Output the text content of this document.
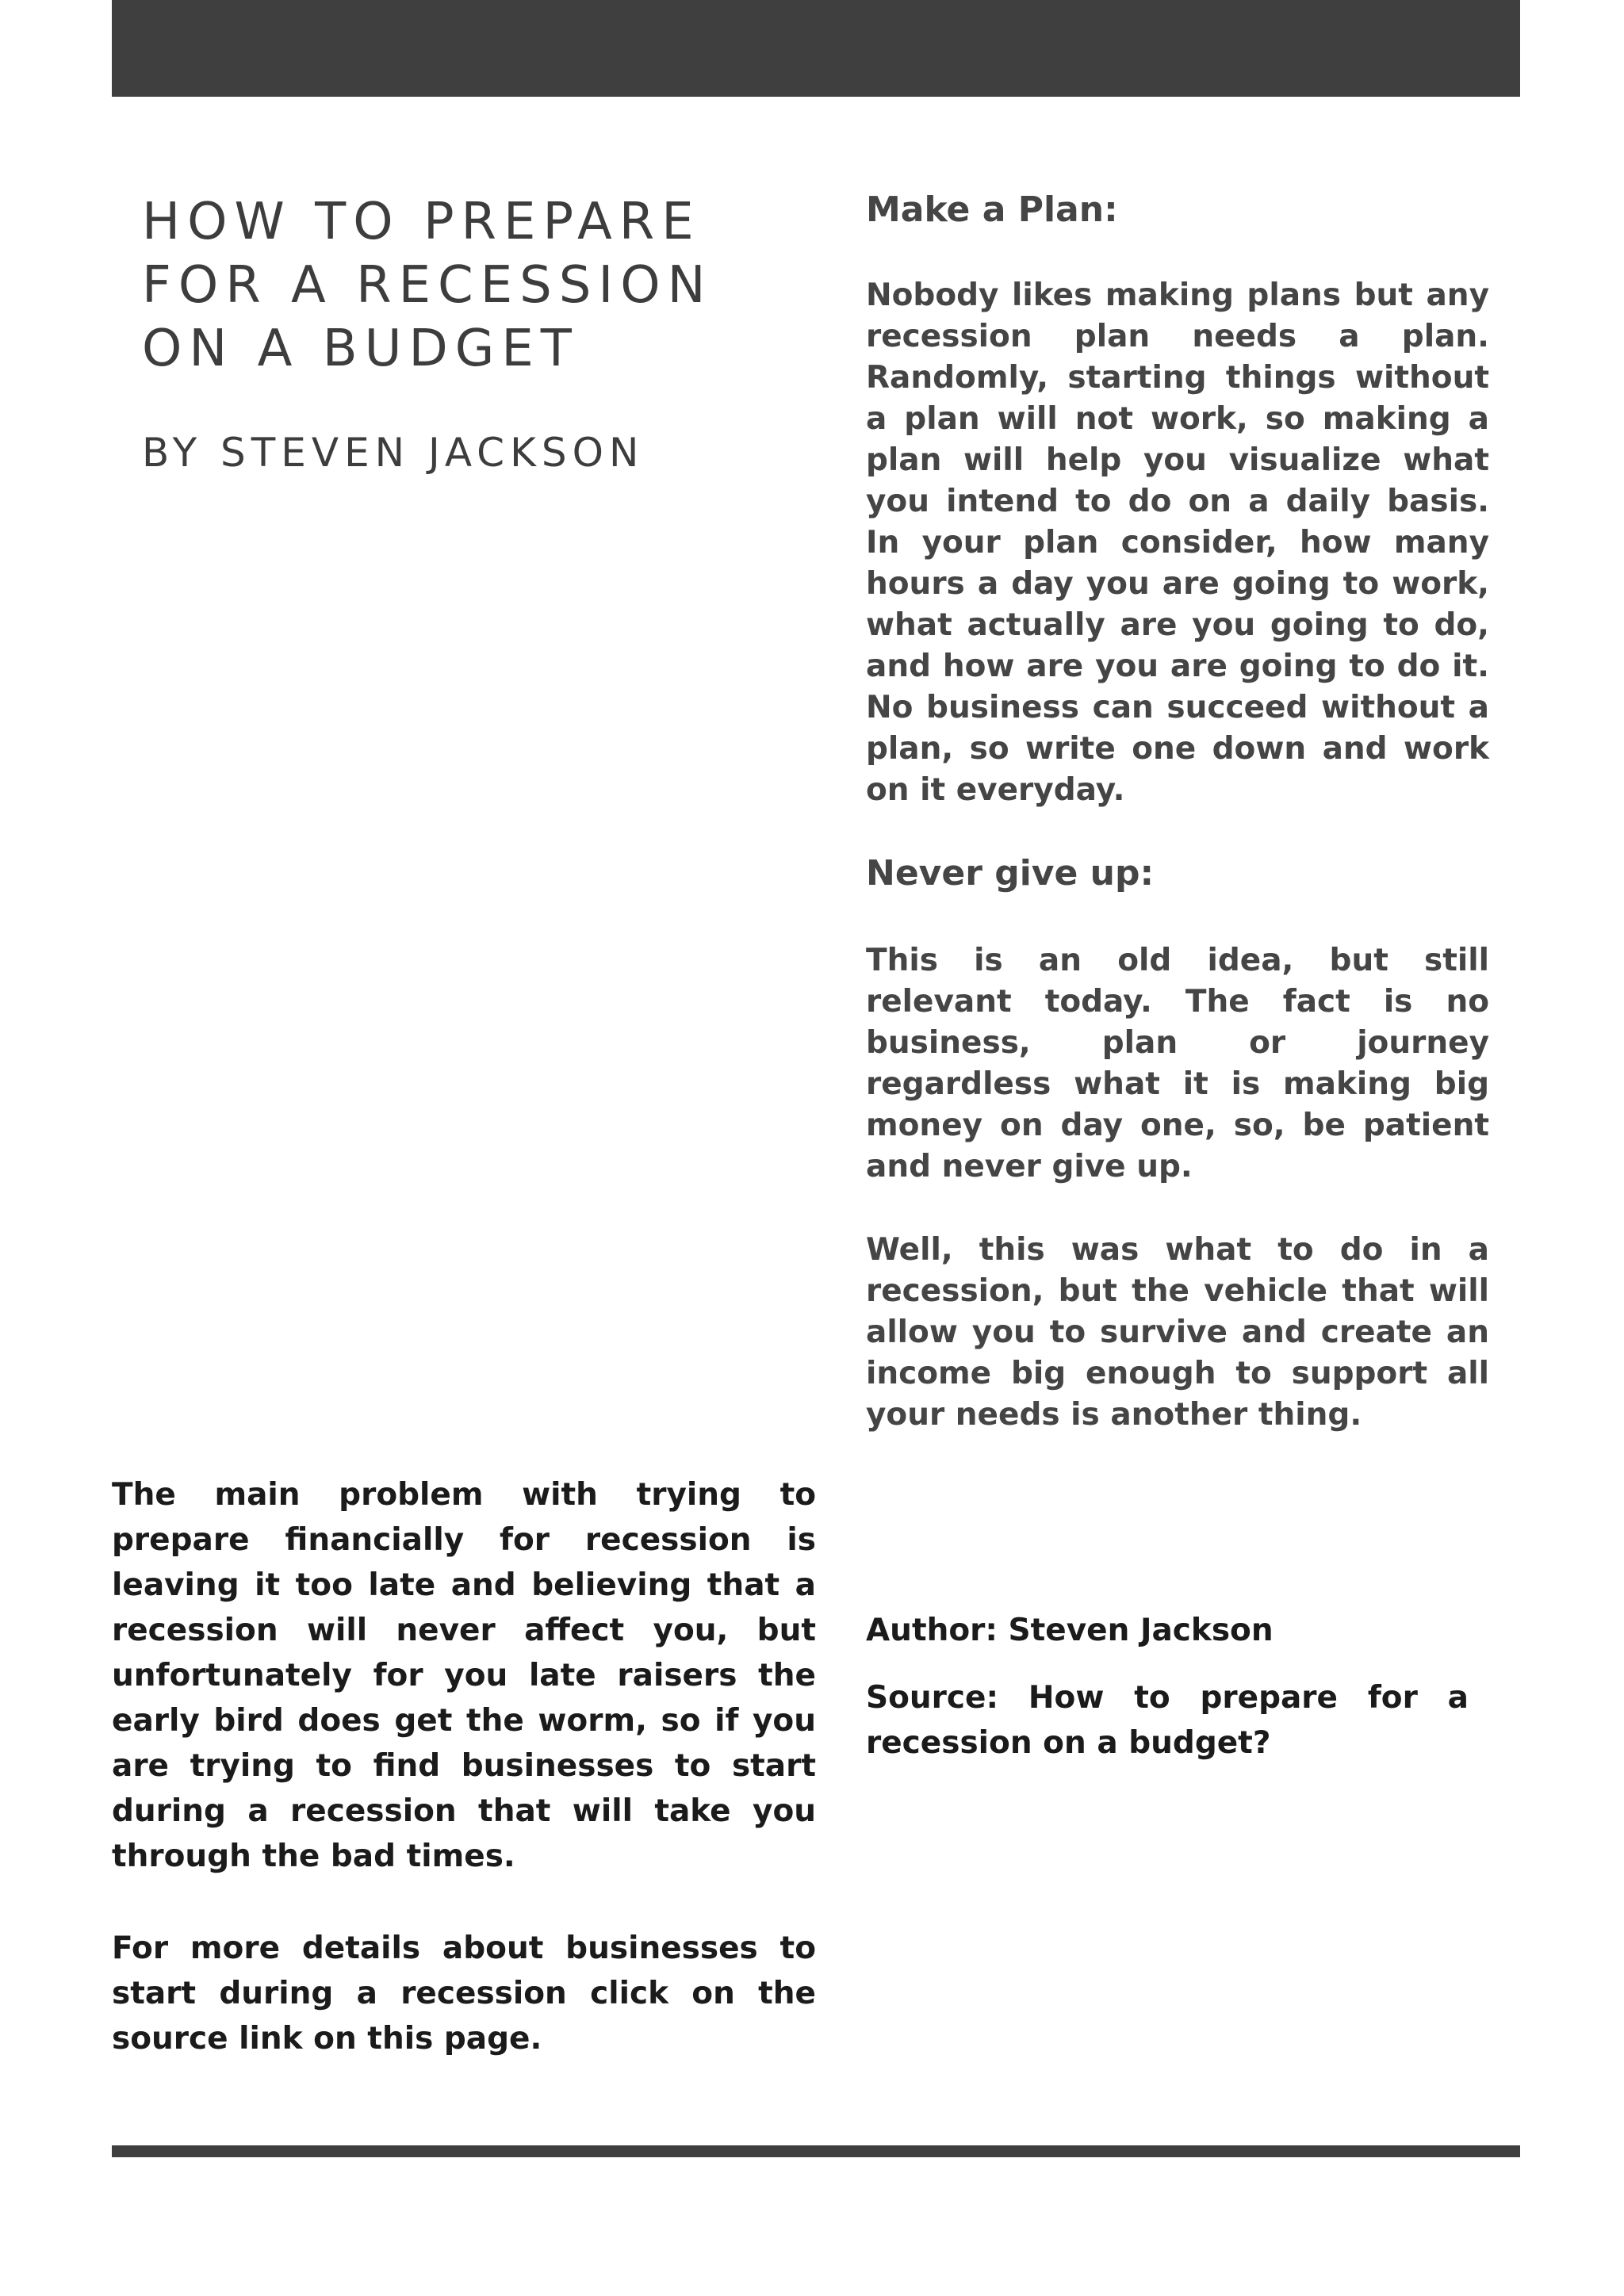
HOW TO PREPARE FOR A RECESSION ON A BUDGET
BY STEVEN JACKSON
Make a Plan:

Nobody likes making plans but any recession plan needs a plan. Randomly, starting things without a plan will not work, so making a plan will help you visualize what you intend to do on a daily basis. In your plan consider, how many hours a day you are going to work, what actually are you going to do, and how are you are going to do it. No business can succeed without a plan, so write one down and work on it everyday.

Never give up:

This is an old idea, but still relevant today. The fact is no business, plan or journey regardless what it is making big money on day one, so, be patient and never give up.

Well, this was what to do in a recession, but the vehicle that will allow you to survive and create an income big enough to support all your needs is another thing.

The main problem with trying to prepare financially for recession is leaving it too late and believing that a recession will never affect you, but unfortunately for you late raisers the early bird does get the worm, so if you are trying to find businesses to start during a recession that will take you through the bad times.

For more details about businesses to start during a recession click on the source link on this page.

Author: Steven Jackson

Source: How to prepare for a recession on a budget?
